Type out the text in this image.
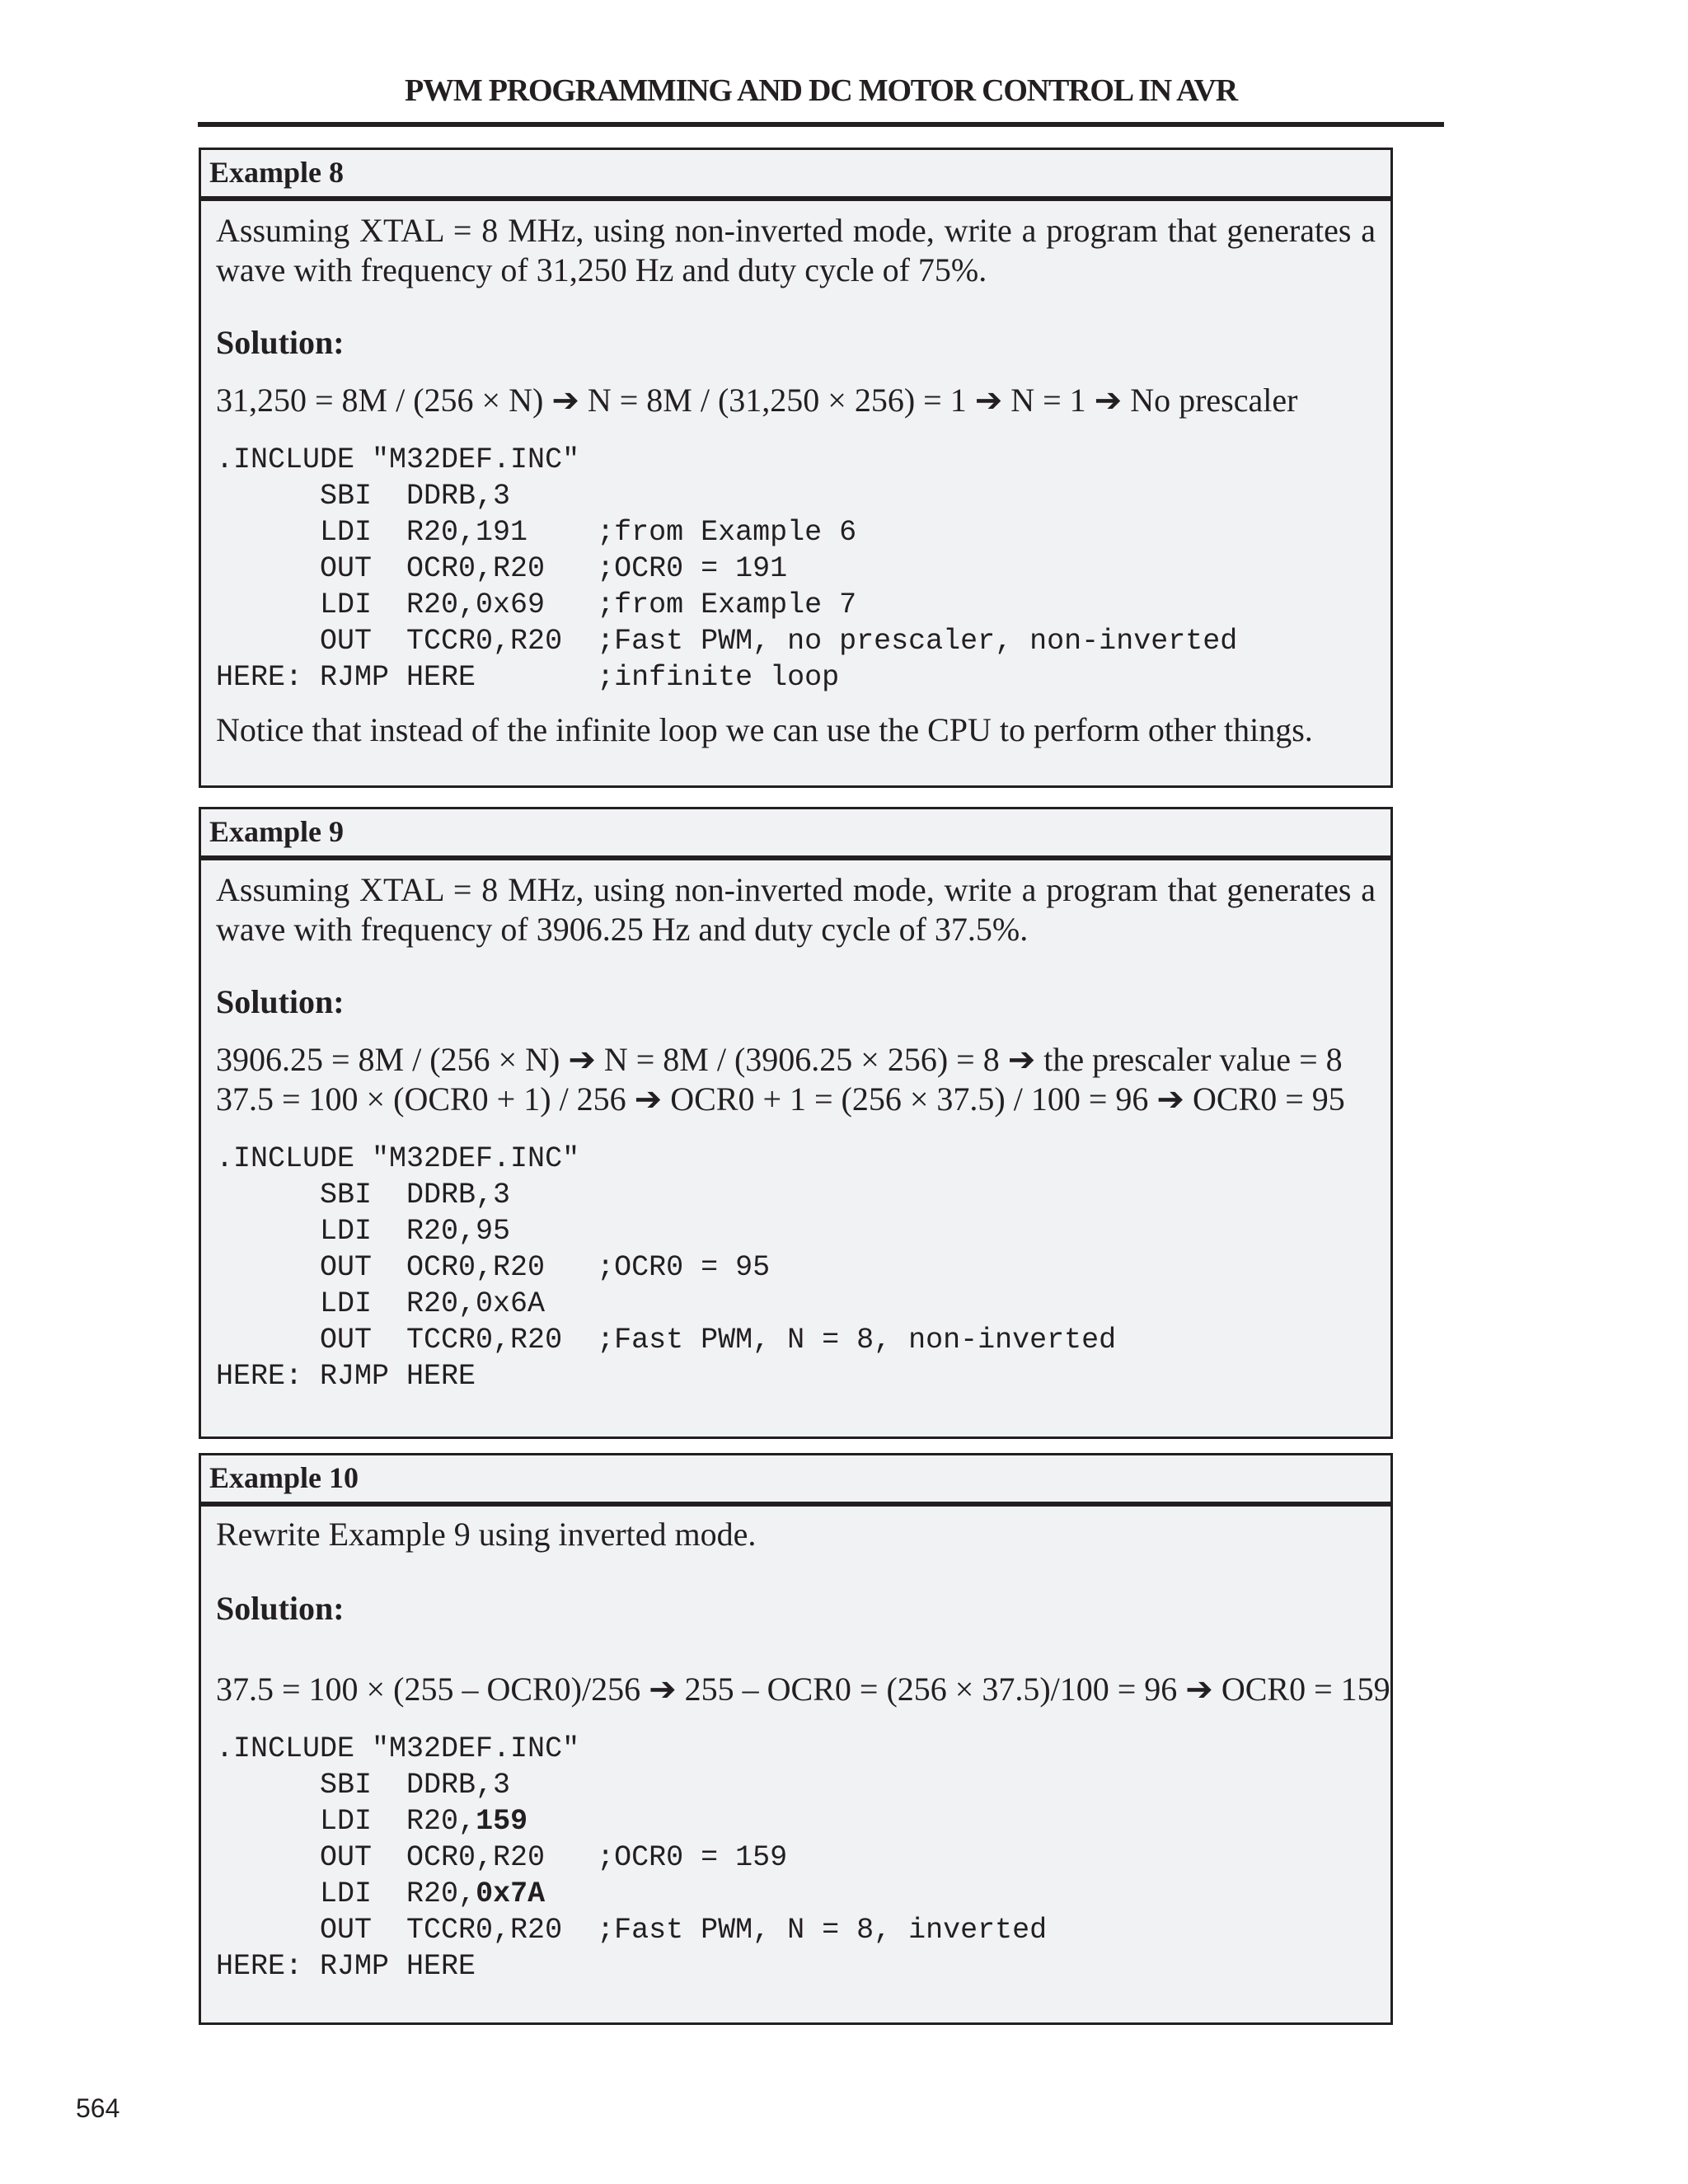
PWM PROGRAMMING AND DC MOTOR CONTROL IN AVR
Example 8
Assuming XTAL = 8 MHz, using non-inverted mode, write a program that generates a wave with frequency of 31,250 Hz and duty cycle of 75%.
Solution:
31,250 = 8M / (256 × N) ➔ N = 8M / (31,250 × 256) = 1 ➔ N = 1 ➔ No prescaler
.INCLUDE "M32DEF.INC"
SBI  DDRB,3
LDI  R20,191    ;from Example 6
OUT  OCR0,R20   ;OCR0 = 191
LDI  R20,0x69   ;from Example 7
OUT  TCCR0,R20  ;Fast PWM, no prescaler, non-inverted
HERE: RJMP HERE       ;infinite loop
Notice that instead of the infinite loop we can use the CPU to perform other things.
Example 9
Assuming XTAL = 8 MHz, using non-inverted mode, write a program that generates a wave with frequency of 3906.25 Hz and duty cycle of 37.5%.
Solution:
3906.25 = 8M / (256 × N) ➔ N = 8M / (3906.25 × 256) = 8 ➔ the prescaler value = 8
37.5 = 100 × (OCR0 + 1) / 256 ➔ OCR0 + 1 = (256 × 37.5) / 100 = 96 ➔ OCR0 = 95
.INCLUDE "M32DEF.INC"
SBI  DDRB,3
LDI  R20,95
OUT  OCR0,R20   ;OCR0 = 95
LDI  R20,0x6A
OUT  TCCR0,R20  ;Fast PWM, N = 8, non-inverted
HERE: RJMP HERE
Example 10
Rewrite Example 9 using inverted mode.
Solution:
37.5 = 100 × (255 – OCR0)/256 ➔ 255 – OCR0 = (256 × 37.5)/100 = 96 ➔ OCR0 = 159
.INCLUDE "M32DEF.INC"
SBI  DDRB,3
LDI  R20,159
OUT  OCR0,R20   ;OCR0 = 159
LDI  R20,0x7A
OUT  TCCR0,R20  ;Fast PWM, N = 8, inverted
HERE: RJMP HERE
564
